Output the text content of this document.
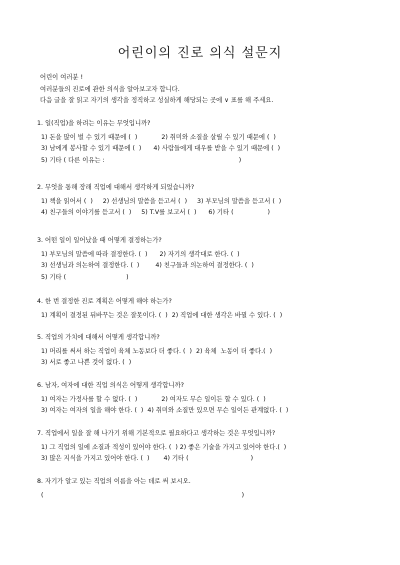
어린이의 진로 의식 설문지
어린이 여러분 !
여러분들의 진로에 관한 의식을 알아보고자 합니다.
다음 글을 잘 읽고 자기의 생각을 정직하고 성실하게 해당되는 곳에 ∨ 표를 해 주세요.
1. 일(직업)을 하려는 이유는 무엇입니까?
1) 돈을 많이 벌 수 있기 때문에 (  )            2) 취미와 소질을 살릴 수 있기 때문에 (  )
3) 남에게 봉사할 수 있기 때문에 (  )      4) 사람들에게 대우를 받을 수 있기 때문에 (  )
5) 기타 ( 다른 이유는 :                                                                   )
2. 무엇을 통해 장래 직업에 대해서 생각하게 되었습니까?
1) 책을 읽어서 (  )     2) 선생님의 말씀을 듣고서 (  )     3) 부모님의 말씀을 듣고서 (  )
4) 친구들의 이야기를 듣고서 (  )     5) T.V를 보고서 (  )      6) 기타 (                 )
3. 어떤 일이 일어났을 때 어떻게 결정하는가?
1) 부모님의 말씀에 따라 결정한다. (  )      2) 자기의 생각대로 한다. (  )
3) 선생님과 의논하여 결정한다. (  )        4) 친구들과 의논하여 결정한다. (  )
5) 기타 (                              )
4. 한 번 결정한 진로 계획은 어떻게 해야 하는가?
1) 계획이 결정된 뒤바꾸는 것은 잘못이다. (  )  2) 직업에 대한 생각은 바뀔 수 있다. (  )
5. 직업의 가치에 대해서 어떻게 생각합니까?
1) 머리를 써서 하는 직업이 육체 노동보다 더 좋다. (  )  2) 육체  노동이 더 좋다.(  )
3) 서로 좋고 나쁜 것이 없다. (  )
6. 남자, 여자에 대한 직업 의식은 어떻게 생각합니까?
1) 여자는 가정사를 할 수 없다. (  )            2) 여자도 무슨 일이든 할 수 있다. (  )
3) 여자는 여자의 일을 해야 한다. (  )  4) 취미와 소질만 있으면 무슨 일이든 관계없다. (  )
7. 직업에서 일을 잘 해 나가기 위해 기본적으로 필요하다고 생각하는 것은 무엇입니까?
1) 그 직업의 일에 소질과 적성이 있어야 한다. (  ) 2) 좋은 기술을 가지고 있어야 한다.(  )
3) 많은 지식을 가지고 있어야 한다. (  )       4) 기타 (                               )
8. 자기가 알고 있는 직업의 이름을 아는 데로 써 보시오.
(                                                                                                   )
